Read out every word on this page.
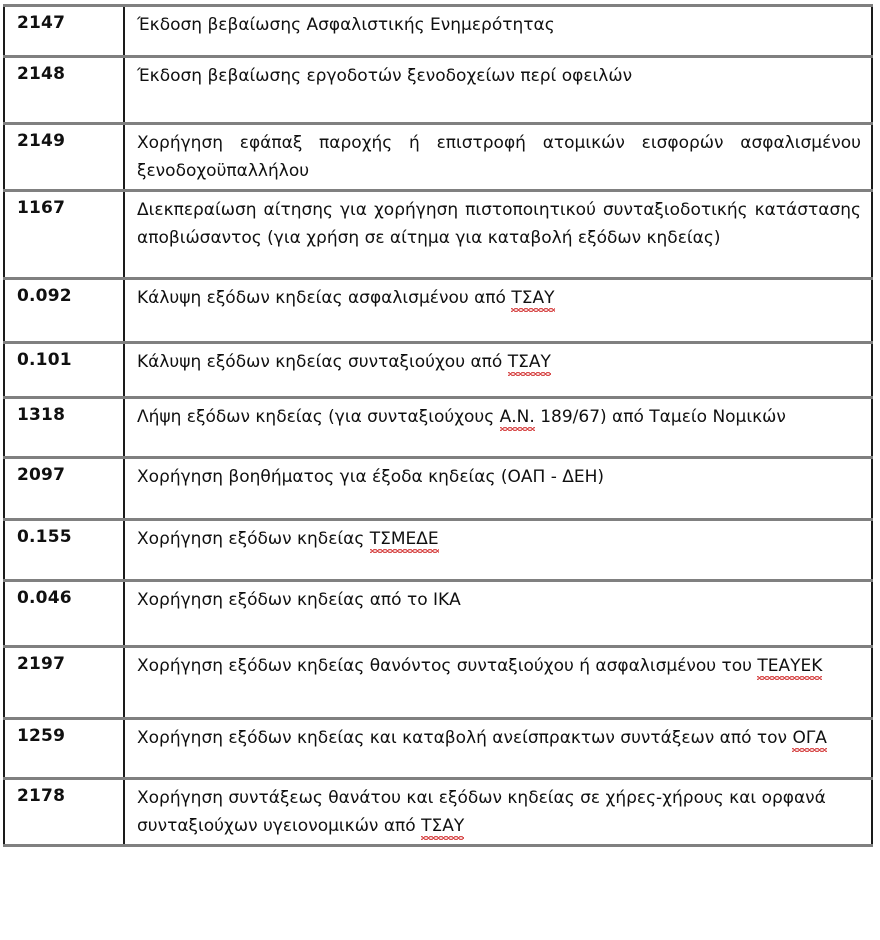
2147	Έκδοση βεβαίωσης Ασφαλιστικής Ενημερότητας

2148	Έκδοση βεβαίωσης εργοδοτών ξενοδοχείων περί οφειλών

2149	Χορήγηση εφάπαξ παροχής ή επιστροφή ατομικών εισφορών ασφαλισμένου ξενοδοχοϋπαλλήλου

1167	Διεκπεραίωση αίτησης για χορήγηση πιστοποιητικού συνταξιοδοτικής κατάστασης αποβιώσαντος (για χρήση σε αίτημα για καταβολή εξόδων κηδείας)

0.092	Κάλυψη εξόδων κηδείας ασφαλισμένου από ΤΣΑΥ

0.101	Κάλυψη εξόδων κηδείας συνταξιούχου από ΤΣΑΥ

1318	Λήψη εξόδων κηδείας (για συνταξιούχους Α.Ν. 189/67) από Ταμείο Νομικών

2097	Χορήγηση βοηθήματος για έξοδα κηδείας (ΟΑΠ - ΔΕΗ)

0.155	Χορήγηση εξόδων κηδείας ΤΣΜΕΔΕ

0.046	Χορήγηση εξόδων κηδείας από το ΙΚΑ

2197	Χορήγηση εξόδων κηδείας θανόντος συνταξιούχου ή ασφαλισμένου του ΤΕΑΥΕΚ

1259	Χορήγηση εξόδων κηδείας και καταβολή ανείσπρακτων συντάξεων από τον ΟΓΑ

2178	Χορήγηση συντάξεως θανάτου και εξόδων κηδείας σε χήρες-χήρους και ορφανά συνταξιούχων υγειονομικών από ΤΣΑΥ
